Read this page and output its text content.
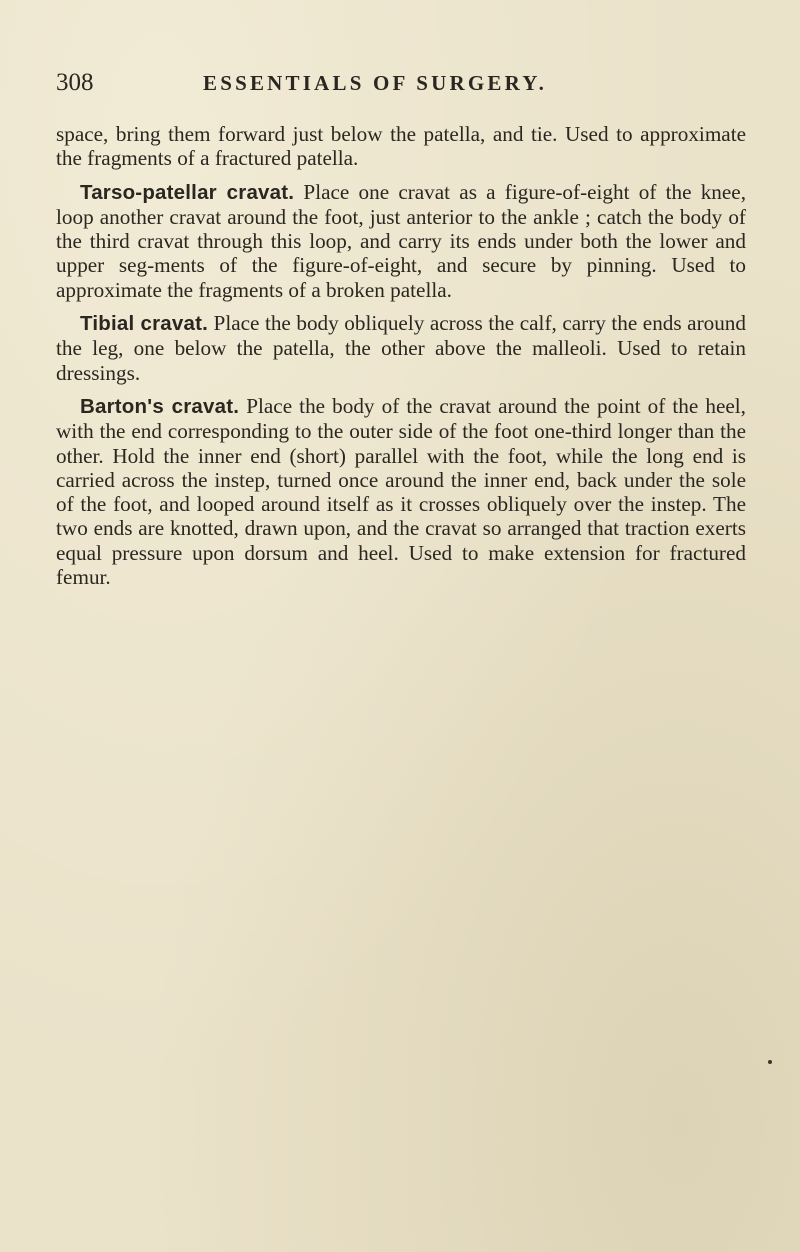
308	ESSENTIALS OF SURGERY.

space, bring them forward just below the patella, and tie. Used to approximate the fragments of a fractured patella.

Tarso-patellar cravat. Place one cravat as a figure-of-eight of the knee, loop another cravat around the foot, just anterior to the ankle ; catch the body of the third cravat through this loop, and carry its ends under both the lower and upper seg-ments of the figure-of-eight, and secure by pinning. Used to approximate the fragments of a broken patella.

Tibial cravat. Place the body obliquely across the calf, carry the ends around the leg, one below the patella, the other above the malleoli. Used to retain dressings.

Barton's cravat. Place the body of the cravat around the point of the heel, with the end corresponding to the outer side of the foot one-third longer than the other. Hold the inner end (short) parallel with the foot, while the long end is carried across the instep, turned once around the inner end, back under the sole of the foot, and looped around itself as it crosses obliquely over the instep. The two ends are knotted, drawn upon, and the cravat so arranged that traction exerts equal pressure upon dorsum and heel. Used to make extension for fractured femur.
